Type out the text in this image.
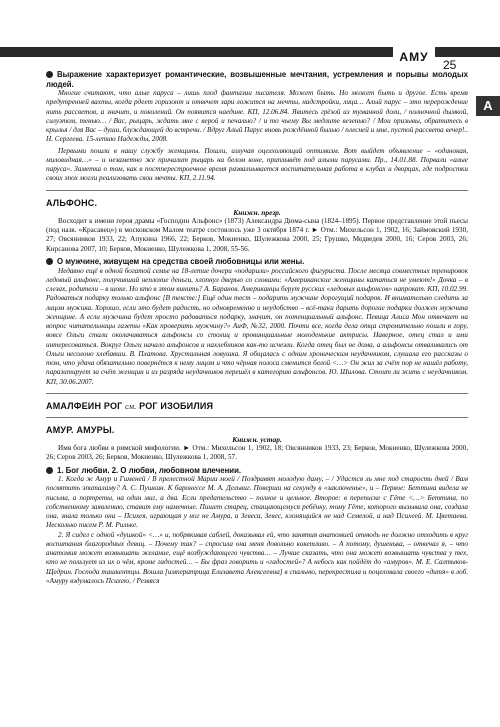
АМУ
25
А

Выражение характеризует романтические, возвышенные мечтания, устремления и порывы молодых людей.

Многие считают, что алые паруса – лишь плод фантазии писателя. Может быть. Но может быть и другое. Есть время предутренней вахты, когда рдеет горизонт и отвечет зари ложится на мечты, надстройки, лица… Алый парус – это перерождение нить рассветов, а значит, и поколений. Он появится наедине. КП, 12.06.84. Явитесь грёзой из туманной доли, / полночной дымкой, силуэтом, тенью… / Вас, рыцарь, ждать мне с верой и печалью? / и то чьему Вы медлите везенью? / Мои призывы, обратитесь в крылья / для Вас – души, блуждающей до встречи. / Вдруг Алый Парус вновь рождённой былью / плесней и мне, пустой рассвета вечер!.. Н. Сергеева. 15-летию Надежды, 2008.

Первыми пошли в нашу службу женщины. Пошли, излучая оцелхоляющий оптимизм. Вот выйдет объявление – «одинокая, миловидная…» – и незаметно же причалит рыцарь на белом коне, приплывёт под алыми парусами. Пр., 14.01.88. Порвали «алые паруса». Заметка о том, как в постперестроечное время развалиывается воспитательная работа в клубах и дворцах, где подростки своих эпох могли реализовать свои мечты. КП, 2.11.94.

АЛЬФОНС.

Книжн. презр.

Восходит к имени героя драмы «Господин Альфонс» (1873) Александра Дюма-сына (1824–1895). Первое представление этой пьесы (под назв. «Красавец») в московском Малом театре состоялось уже 3 октября 1874 г. ► Отм.: Михельсон 1, 1902, 16; Займовский 1930, 27; Овсянников 1933, 22; Апукина 1966, 22; Берков, Мокиенко, Шулежкова 2000, 25; Грушко, Медведев 2000, 16; Серов 2003, 26; Кирсанова 2007, 10; Берков, Мокиенко, Шулежкова 1, 2008, 55-56.

О мужчине, живущем на средства своей любовницы или жены.

Недавно ещё в одной богатой семье на 18-летие дочери «подарили» российского фигуриста. После месяца совместных тренировок ледовый альфонс, получивший неплохие деньги, хлопнул дверью со словами: «Американские женщины кататься не умеют!» Дочка – в слезах, родители – в шоке. Но кто в этом винить? А. Баранов. Американцы берут русских «ледовых альфонсов» напрокат. КП, 10.02.99. Радоваться подарку только альфонс [В тексте:] Ещё один тест – подарить мужчине дорогущий подарок. И внимательно следить за лицом мужика. Хорошо, если это будет радость, но одновременно и неудобство – всё-таки дарить дорогие подарки должен мужчина женщине. А если мужчина будет просто радоваться подарку, значит, он потенциальный альфонс. Певица Алиса Мон отвечает на вопрос читательницы газеты «Как проверить мужчину?» АиФ, №32, 2000. Почти все, когда дела отца стремительно пошли в гору, вовсе Ольги стали околачиваться альфонсы со столиц и провинциальные молоденькие актрисы. Наверное, отец стал и ими интересоваться. Вокруг Ольги начало альфонсов и нахлебников как-то исчезли. Когда отец был не дома, а альфонсы отваливались от Ольги несолоно хлебавши. В. Платова. Хрустальная ловушка. Я общалась с одним хроническим неудачником, слушала его рассказы о том, что удача обязательно повернётся к нему лицом и что чёрная полоса сменится белой <…> Он жил за счёт пор не нашёл работу, паразитирует за счёт женщин и из разряда неудачников перешёл в категорию альфонсов. Ю. Шилова. Стоит ли жить с неудачником. КП, 30.06.2007.

АМАЛФЕИН РОГ см. РОГ ИЗОБИЛИЯ

АМУР. АМУРЫ.

Книжн. устар.

Имя бога любви в римской мифологии. ► Отм.: Михельсон 1, 1902, 18; Овсянников 1933, 23; Берков, Мокиенко, Шулежкова 2000, 26; Серов 2003, 26; Берков, Мокиенко, Шулежкова 1, 2008, 57.

1. Бог любви. 2. О любви, любовном влечении.

1. Когда ж Амур и Гименей / В прелестной Марии моей / Поздравят молодую даму, – / Удастся ль мне под старость дней / Вам посвятить эпиталаму? А. С. Пушкин. К баронессе М. А. Дельвиг. Поверши на секунду в «заключенье», и – Первое: Беттина видела не письма, а портреты, на один миг, а два. Если предательство – полное и цельное. Второе: в переписке с Гёте <…> Беттина, по собственному заявлению, ставит ему намечные. Пишет старец, стащающемуся ребёнку, тому Гёте, которого вызывала она, создала она, знала только она – Психея, играющая у ног не Амура, а Зевеса, Зевес, клонящийся не над Семелой, а над Психеей. М. Цветаева. Несколько писем Р. М. Рильке.

2. Я сидел с одной «душкой» <…» и, побрякивая саблей, доказывал ей, что занятия анатомией отнюдь не должно отходить в круг воспитания благородных девиц. – Почему так? – спросила она меня довольно кокетливо. – А потому, душенька, – отвечал я, – что анатомия может возвышать желание, ещё возбуждающего чувства… – Лучше сказать, что она может возвышать чувства у тех, кто не пользует из их о чём, кроме гадостей… – Бы фраз говорить и «гадостей»? А небось как пойдёт до «амуров». М. Е. Салтыков-Щедрин. Господа ташкентцы. Вошла [императрица Елизавета Алексеевна] в спальню, перекрестила и поцеловала своего «дитя» в лоб. «Амуру вздумалось Психею, / Резвяся
